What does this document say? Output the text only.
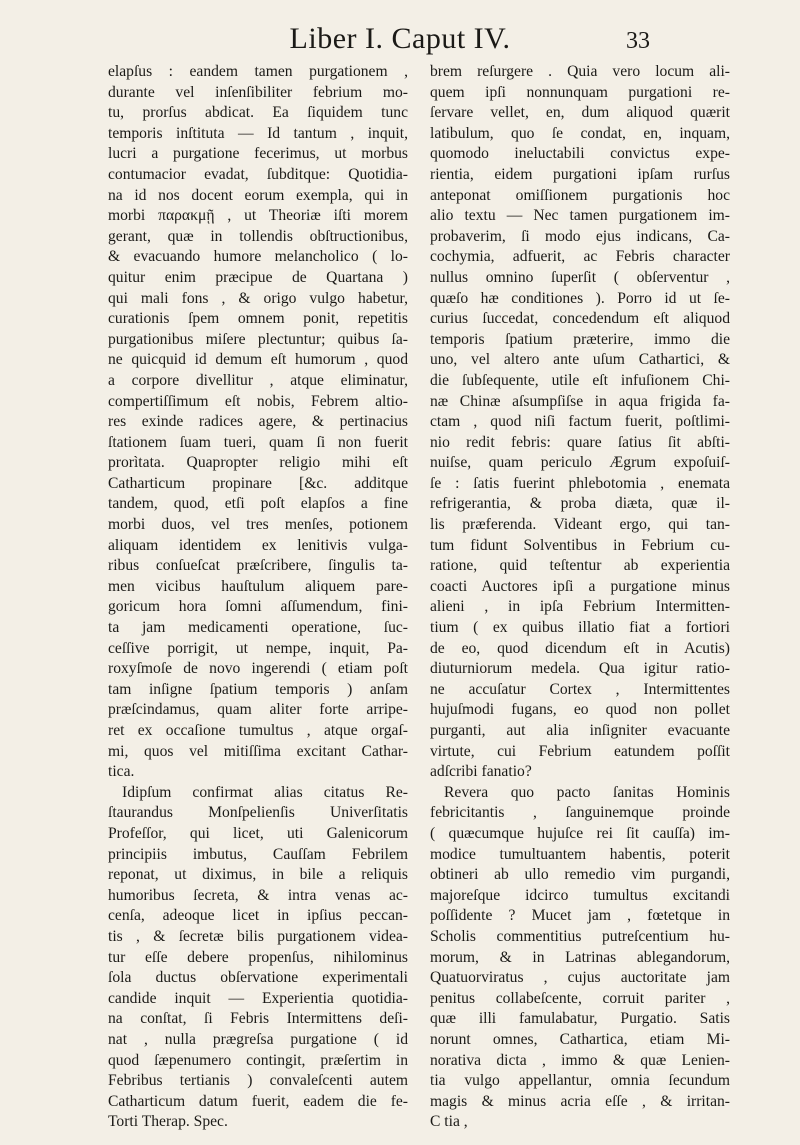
Liber I. Caput IV.	33
elapſus : eandem tamen purgationem ,
durante vel inſenſibiliter febrium mo-
tu, prorſus abdicat. Ea ſiquidem tunc
temporis inſtituta — Id tantum , inquit,
lucri a purgatione fecerimus, ut morbus
contumacior evadat, ſubditque: Quotidia-
na id nos docent eorum exempla, qui in
morbi παρακμῇ , ut Theoriæ iſti morem
gerant, quæ in tollendis obſtructionibus,
& evacuando humore melancholico ( lo-
quitur enim præcipue de Quartana )
qui mali fons , & origo vulgo habetur,
curationis ſpem omnem ponit, repetitis
purgationibus miſere plectuntur; quibus ſa-
ne quicquid id demum eſt humorum , quod
a corpore divellitur , atque eliminatur,
compertiſſimum eſt nobis, Febrem altio-
res exinde radices agere, & pertinacius
ſtationem ſuam tueri, quam ſi non fuerit
prorìtata. Quapropter religio mihi eſt
Catharticum propinare [&c. additque
tandem, quod, etſi poſt elapſos a fine
morbi duos, vel tres menſes, potionem
aliquam identidem ex lenitivis vulga-
ribus conſueſcat præſcribere, ſingulis ta-
men vicibus hauſtulum aliquem pare-
goricum hora ſomni aſſumendum, fini-
ta jam medicamenti operatione, ſuc-
ceſſive porrigit, ut nempe, inquit, Pa-
roxyſmoſe de novo ingerendi ( etiam poſt
tam inſigne ſpatium temporis ) anſam
præſcindamus, quam aliter forte arripe-
ret ex occaſione tumultus , atque orgaſ-
mi, quos vel mitiſſima excitant Cathar-
tica.
Idipſum confirmat alias citatus Re-
ſtaurandus Monſpelienſis Univerſitatis
Profeſſor, qui licet, uti Galenicorum
principiis imbutus, Cauſſam Febrilem
reponat, ut diximus, in bile a reliquis
humoribus ſecreta, & intra venas ac-
cenſa, adeoque licet in ipſius peccan-
tis , & ſecretæ bilis purgationem videa-
tur eſſe debere propenſus, nihilominus
ſola ductus obſervatione experimentali
candide inquit — Experientia quotidia-
na conſtat, ſi Febris Intermittens deſi-
nat , nulla prægreſsa purgatione ( id
quod ſæpenumero contingit, præſertim in
Febribus tertianis ) convaleſcenti autem
Catharticum datum fuerit, eadem die fe-
Torti Therap. Spec.
brem reſurgere . Quia vero locum ali-
quem ipſi nonnunquam purgationi re-
ſervare vellet, en, dum aliquod quærit
latibulum, quo ſe condat, en, inquam,
quomodo ineluctabili convictus expe-
rientia, eidem purgationi ipſam rurſus
anteponat omiſſionem purgationis hoc
alio textu — Nec tamen purgationem im-
probaverim, ſi modo ejus indicans, Ca-
cochymia, adfuerit, ac Febris character
nullus omnino ſuperſit ( obſerventur ,
quæſo hæ conditiones ). Porro id ut ſe-
curius ſuccedat, concedendum eſt aliquod
temporis ſpatium præterire, immo die
uno, vel altero ante uſum Cathartici, &
die ſubſequente, utile eſt infuſionem Chi-
næ Chinæ aſsumpſiſse in aqua frigida fa-
ctam , quod niſi factum fuerit, poſtlimi-
nio redit febris: quare ſatius ſit abſti-
nuiſse, quam periculo Ægrum expoſuiſ-
ſe : ſatis fuerint phlebotomia , enemata
refrigerantia, & proba diæta, quæ il-
lis præferenda. Videant ergo, qui tan-
tum fidunt Solventibus in Febrium cu-
ratione, quid teſtentur ab experientia
coacti Auctores ipſi a purgatione minus
alieni , in ipſa Febrium Intermitten-
tium ( ex quibus illatio fiat a fortiori
de eo, quod dicendum eſt in Acutis)
diuturniorum medela. Qua igitur ratio-
ne accuſatur Cortex , Intermittentes
hujuſmodi fugans, eo quod non pollet
purganti, aut alia inſigniter evacuante
virtute, cui Febrium eatundem poſſit
adſcribi fanatio?
Revera quo pacto ſanitas Hominis
febricitantis , ſanguinemque proinde
( quæcumque hujuſce rei ſit cauſſa) im-
modice tumultuantem habentis, poterit
obtineri ab ullo remedio vim purgandi,
majoreſque idcirco tumultus excitandi
poſſidente ? Mucet jam , fœtetque in
Scholis commentitius putreſcentium hu-
morum, & in Latrinas ablegandorum,
Quatuorviratus , cujus auctoritate jam
penitus collabeſcente, corruit pariter ,
quæ illi famulabatur, Purgatio. Satis
norunt omnes, Cathartica, etiam Mi-
norativa dicta , immo & quæ Lenien-
tia vulgo appellantur, omnia ſecundum
magis & minus acria eſſe , & irritan-
C tia ,
